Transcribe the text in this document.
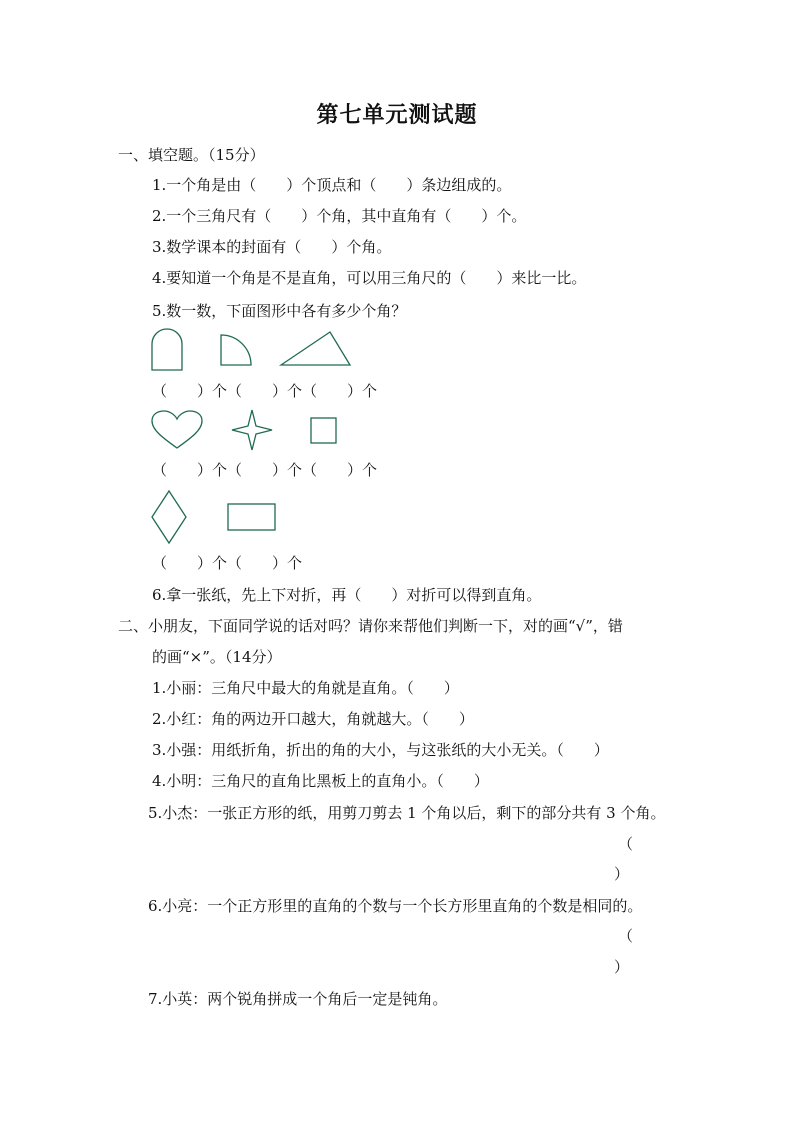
第七单元测试题
一、填空题。（15分）
1.一个角是由（　　）个顶点和（　　）条边组成的。
2.一个三角尺有（　　）个角，其中直角有（　　）个。
3.数学课本的封面有（　　）个角。
4.要知道一个角是不是直角，可以用三角尺的（　　）来比一比。
5.数一数，下面图形中各有多少个角？
（　　）个（　　）个（　　）个
（　　）个（　　）个（　　）个
（　　）个（　　）个
6.拿一张纸，先上下对折，再（　　）对折可以得到直角。
二、小朋友，下面同学说的话对吗？请你来帮他们判断一下，对的画“√”，错
的画“×”。（14分）
1.小丽：三角尺中最大的角就是直角。（　　）
2.小红：角的两边开口越大，角就越大。（　　）
3.小强：用纸折角，折出的角的大小，与这张纸的大小无关。（　　）
4.小明：三角尺的直角比黑板上的直角小。（　　）
5.小杰：一张正方形的纸，用剪刀剪去 1 个角以后，剩下的部分共有 3 个角。
（
）
6.小亮：一个正方形里的直角的个数与一个长方形里直角的个数是相同的。
（
）
7.小英：两个锐角拼成一个角后一定是钝角。
